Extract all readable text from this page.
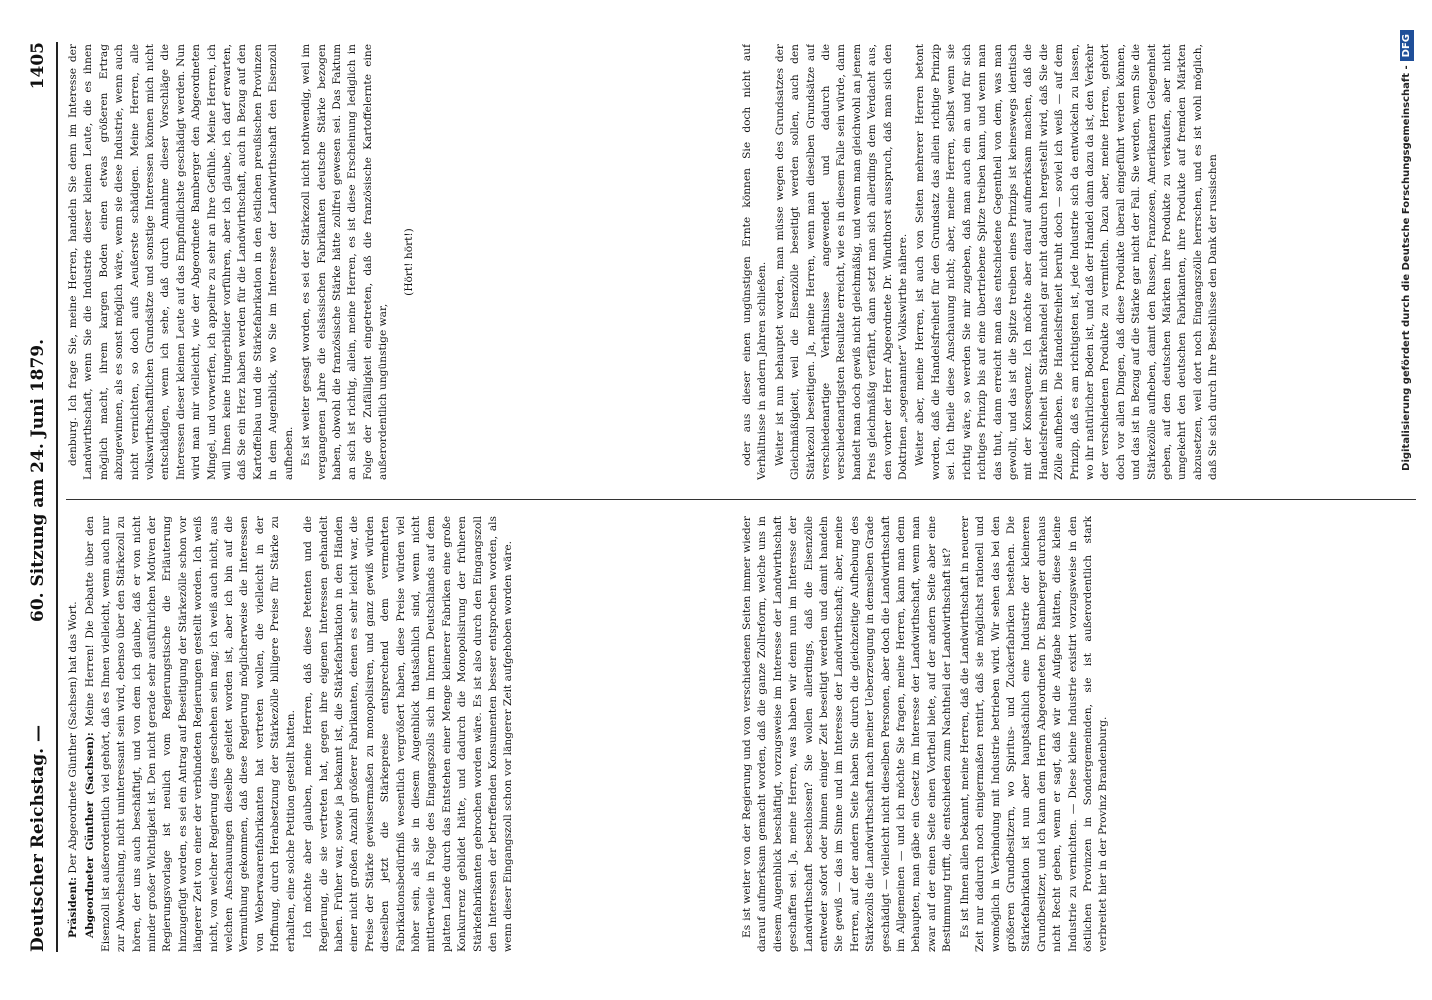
Deutscher Reichstag. —
60. Sitzung am 24. Juni 1879.
1405

Präsident: Der Abgeordnete Günther (Sachsen) hat das Wort. Abgeordneter Günther (Sachsen): Meine Herren! Die Debatte über den Eisenzoll ist außerordentlich viel gehört, daß es Ihnen vielleicht, wenn auch nur zur Abwechselung, nicht uninteressant sein wird, ebenso über den Stärkezoll zu hören, der uns auch beschäftigt, und von dem ich glaube, daß er von nicht minder großer Wichtigkeit ist. Den nicht gerade sehr ausführlichen Motiven der Regierungsvorlage ist neulich vom Regierungstische die Erläuterung hinzugefügt worden, es sei ein Antrag auf Beseitigung der Stärkezölle schon vor längerer Zeit von einer der verbündeten Regierungen gestellt worden. Ich weiß nicht, von welcher Regierung dies geschehen sein mag; ich weiß auch nicht, aus welchen Anschauungen dieselbe geleitet worden ist, aber ich bin auf die Vermuthung gekommen, daß diese Regierung möglicherweise die Interessen von Weberwaarenfabrikanten hat vertreten wollen, die vielleicht in der Hoffnung, durch Herabsetzung der Stärkezölle billigere Preise für Stärke zu erhalten, eine solche Petition gestellt hatten. Ich möchte aber glauben, meine Herren, daß diese Petenten und die Regierung, die sie vertreten hat, gegen ihre eigenen Interessen gehandelt haben. Früher war, sowie ja bekannt ist, die Stärkefabrikation in den Händen einer nicht großen Anzahl größerer Fabrikanten, denen es sehr leicht war, die Preise der Stärke gewissermaßen zu monopolisiren, und ganz gewiß würden dieselben jetzt die Stärkepreise entsprechend dem vermehrten Fabrikationsbedürfniß wesentlich vergrößert haben, diese Preise würden viel höher sein, als sie in diesem Augenblick thatsächlich sind, wenn nicht mittlerweile in Folge des Eingangszolls sich im Innern Deutschlands auf dem platten Lande durch das Entstehen einer Menge kleinerer Fabriken eine große Konkurrenz gebildet hätte, und dadurch die Monopolisirung der früheren Stärkefabrikanten gebrochen worden wäre. Es ist also durch den Eingangszoll den Interessen der betreffenden Konsumenten besser entsprochen worden, als wenn dieser Eingangszoll schon vor längerer Zeit aufgehoben worden wäre.

denburg. Ich frage Sie, meine Herren, handeln Sie denn im Interesse der Landwirthschaft, wenn Sie die Industrie dieser kleinen Leute, die es ihnen möglich macht, ihrem kargen Boden einen etwas größeren Ertrag abzugewinnen, als es sonst möglich wäre, wenn sie diese Industrie, wenn auch nicht vernichten, so doch aufs Aeußerste schädigen. Meine Herren, alle volkswirthschaftlichen Grundsätze und sonstige Interessen können mich nicht entschädigen, wenn ich sehe, daß durch Annahme dieser Vorschläge die Interessen dieser kleinen Leute auf das Empfindlichste geschädigt werden. Nun wird man mir vielleicht, wie der Abgeordnete Bamberger den Abgeordneten Mingel, und vorwerfen, ich appelire zu sehr an Ihre Gefühle. Meine Herren, ich will Ihnen keine Hungerbilder vorführen, aber ich glaube, ich darf erwarten, daß Sie ein Herz haben werden für die Landwirthschaft, auch in Bezug auf den Kartoffelbau und die Stärkefabrikation in den östlichen preußischen Provinzen in dem Augenblick, wo Sie im Interesse der Landwirthschaft den Eisenzoll aufheben. Es ist weiter gesagt worden, es sei der Stärkezoll nicht nothwendig, weil im vergangenen Jahre die elsässischen Fabrikanten deutsche Stärke bezogen haben, obwohl die französische Stärke hätte zollfrei gewesen sei. Das Faktum an sich ist richtig, allein, meine Herren, es ist diese Erscheinung lediglich in Folge der Zufälligkeit eingetreten, daß die französische Kartoffelernte eine außerordentlich ungünstige war,

(Hört! hört!)

Es ist weiter von der Regierung und von verschiedenen Seiten immer wieder darauf aufmerksam gemacht worden, daß die ganze Zollreform, welche uns in diesem Augenblick beschäftigt, vorzugsweise im Interesse der Landwirthschaft geschaffen sei. Ja, meine Herren, was haben wir denn nun im Interesse der Landwirthschaft beschlossen? Sie wollen allerdings, daß die Eisenzölle entweder sofort oder binnen einiger Zeit beseitigt werden und damit handeln Sie gewiß — das im Sinne und im Interesse der Landwirthschaft; aber, meine Herren, auf der andern Seite haben Sie durch die gleichzeitige Aufhebung des Stärkezolls die Landwirthschaft nach meiner Ueberzeugung in demselben Grade geschädigt — vielleicht nicht dieselben Personen, aber doch die Landwirthschaft im Allgemeinen — und ich möchte Sie fragen, meine Herren, kann man denn behaupten, man gäbe ein Gesetz im Interesse der Landwirthschaft, wenn man zwar auf der einen Seite einen Vortheil biete, auf der andern Seite aber eine Bestimmung trifft, die entschieden zum Nachtheil der Landwirthschaft ist? Es ist Ihnen allen bekannt, meine Herren, daß die Landwirthschaft in neuerer Zeit nur dadurch noch einigermaßen rentirt, daß sie möglichst rationell und womöglich in Verbindung mit Industrie betrieben wird. Wir sehen das bei den größeren Grundbesitzern, wo Spiritus- und Zuckerfabriken bestehen. Die Stärkefabrikation ist nun aber hauptsächlich eine Industrie der kleineren Grundbesitzer, und ich kann dem Herrn Abgeordneten Dr. Bamberger durchaus nicht Recht geben, wenn er sagt, daß wir die Aufgabe hätten, diese kleine Industrie zu vernichten. — Diese kleine Industrie existirt vorzugsweise in den östlichen Provinzen in Sondergemeinden, sie ist außerordentlich stark verbreitet hier in der Provinz Brandenburg.

oder aus dieser einen ungünstigen Ernte können Sie doch nicht auf Verhältnisse in andern Jahren schließen. Weiter ist nun behauptet worden, man müsse wegen des Grundsatzes der Gleichmäßigkeit, weil die Eisenzölle beseitigt werden sollen, auch den Stärkezoll beseitigen. Ja, meine Herren, wenn man dieselben Grundsätze auf verschiedenartige Verhältnisse angewendet und dadurch die verschiedenartigsten Resultate erreicht, wie es in diesem Falle sein würde, dann handelt man doch gewiß nicht gleichmäßig, und wenn man gleichwohl an jenem Preis gleichmäßig verfährt, dann setzt man sich allerdings dem Verdacht aus, den vorher der Herr Abgeordnete Dr. Windthorst ausspruch, daß man sich den Doktrinen „sogenannter“ Volkswirthe nähere. Weiter aber, meine Herren, ist auch von Seiten mehrerer Herren betont worden, daß die Handelsfreiheit für den Grundsatz das allein richtige Prinzip sei. Ich theile diese Anschauung nicht; aber, meine Herren, selbst wenn sie richtig wäre, so werden Sie mir zugeben, daß man auch ein an und für sich richtiges Prinzip bis auf eine übertriebene Spitze treiben kann, und wenn man das thut, dann erreicht man das entschiedene Gegentheil von dem, was man gewollt, und das ist die Spitze treiben eines Prinzips ist keineswegs identisch mit der Konsequenz. Ich möchte aber darauf aufmerksam machen, daß die Handelsfreiheit im Stärkehandel gar nicht dadurch hergestellt wird, daß Sie die Zölle aufheben. Die Handelsfreiheit beruht doch — soviel ich weiß — auf dem Prinzip, daß es am richtigsten ist, jede Industrie sich da entwickeln zu lassen, wo ihr natürlicher Boden ist, und daß der Handel dann dazu da ist, den Verkehr der verschiedenen Produkte zu vermitteln. Dazu aber, meine Herren, gehört doch vor allen Dingen, daß diese Produkte überall eingeführt werden können, und das ist in Bezug auf die Stärke gar nicht der Fall. Sie werden, wenn Sie die Stärkezölle aufheben, damit den Russen, Franzosen, Amerikanern Gelegenheit geben, auf den deutschen Märkten ihre Produkte zu verkaufen, aber nicht umgekehrt den deutschen Fabrikanten, ihre Produkte auf fremden Märkten abzusetzen, weil dort noch Eingangszölle herrschen, und es ist wohl möglich, daß Sie sich durch Ihre Beschlüsse den Dank der russischen	Digitalisierung gefördert durch die Deutsche Forschungsgemeinschaft -DFG
